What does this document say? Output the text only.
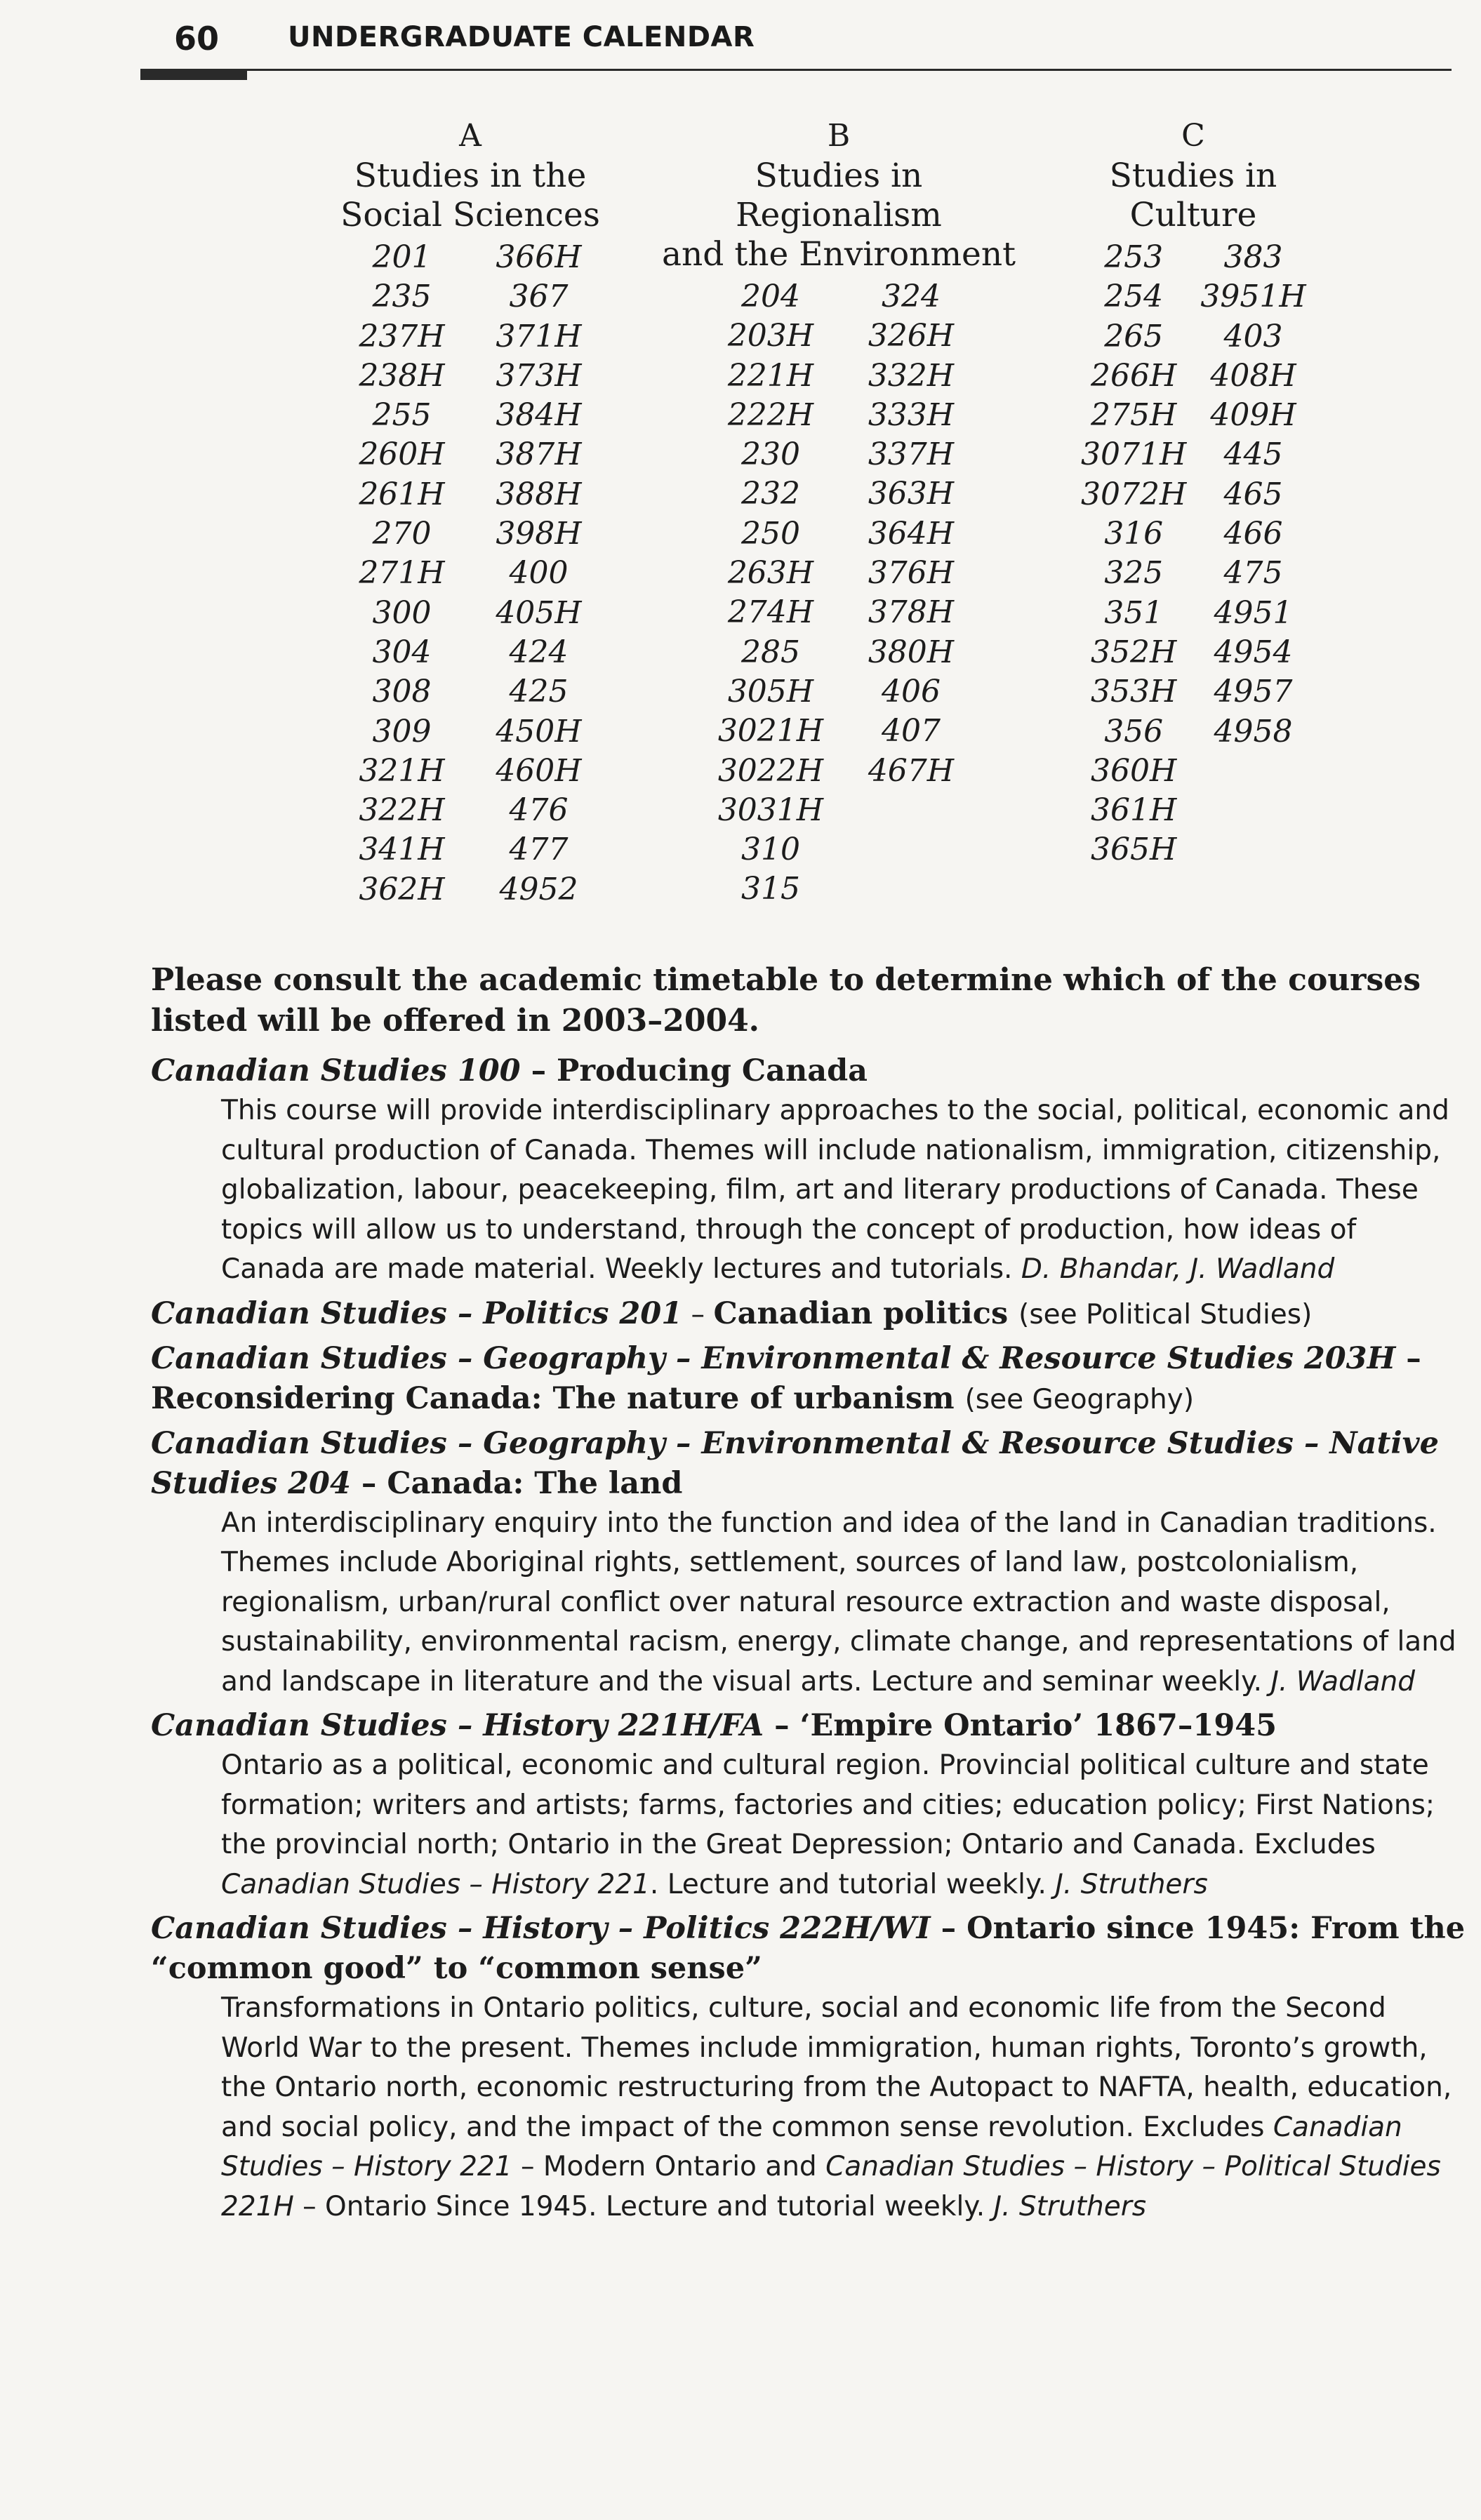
60 UNDERGRADUATE CALENDAR
A
Studies in the
Social Sciences
201	366H
235	367
237H	371H
238H	373H
255	384H
260H	387H
261H	388H
270	398H
271H	400
300	405H
304	424
308	425
309	450H
321H	460H
322H	476
341H	477
362H	4952
B
Studies in Regionalism
and the Environment
204	324
203H	326H
221H	332H
222H	333H
230	337H
232	363H
250	364H
263H	376H
274H	378H
285	380H
305H	406
3021H	407
3022H	467H
3031H

310

315

C
Studies in
Culture
253	383
254	3951H
265	403
266H	408H
275H	409H
3071H	445
3072H	465
316	466
325	475
351	4951
352H	4954
353H	4957
356	4958
360H

361H

365H

Please consult the academic timetable to determine which of the courses listed will be offered in 2003–2004.
Canadian Studies 100 – Producing Canada
This course will provide interdisciplinary approaches to the social, political, economic and cultural production of Canada. Themes will include nationalism, immigration, citizenship, globalization, labour, peacekeeping, film, art and literary productions of Canada. These topics will allow us to understand, through the concept of production, how ideas of Canada are made material. Weekly lectures and tutorials. D. Bhandar, J. Wadland
Canadian Studies – Politics 201 – Canadian politics (see Political Studies)
Canadian Studies – Geography – Environmental & Resource Studies 203H – Reconsidering Canada: The nature of urbanism (see Geography)
Canadian Studies – Geography – Environmental & Resource Studies – Native Studies 204 – Canada: The land
An interdisciplinary enquiry into the function and idea of the land in Canadian traditions. Themes include Aboriginal rights, settlement, sources of land law, postcolonialism, regionalism, urban/rural conflict over natural resource extraction and waste disposal, sustainability, environmental racism, energy, climate change, and representations of land and landscape in literature and the visual arts. Lecture and seminar weekly. J. Wadland
Canadian Studies – History 221H/FA – ‘Empire Ontario’ 1867–1945
Ontario as a political, economic and cultural region. Provincial political culture and state formation; writers and artists; farms, factories and cities; education policy; First Nations; the provincial north; Ontario in the Great Depression; Ontario and Canada. Excludes Canadian Studies – History 221. Lecture and tutorial weekly. J. Struthers
Canadian Studies – History – Politics 222H/WI – Ontario since 1945: From the “common good” to “common sense”
Transformations in Ontario politics, culture, social and economic life from the Second World War to the present. Themes include immigration, human rights, Toronto’s growth, the Ontario north, economic restructuring from the Autopact to NAFTA, health, education, and social policy, and the impact of the common sense revolution. Excludes Canadian Studies – History 221 – Modern Ontario and Canadian Studies – History – Political Studies 221H – Ontario Since 1945. Lecture and tutorial weekly. J. Struthers
